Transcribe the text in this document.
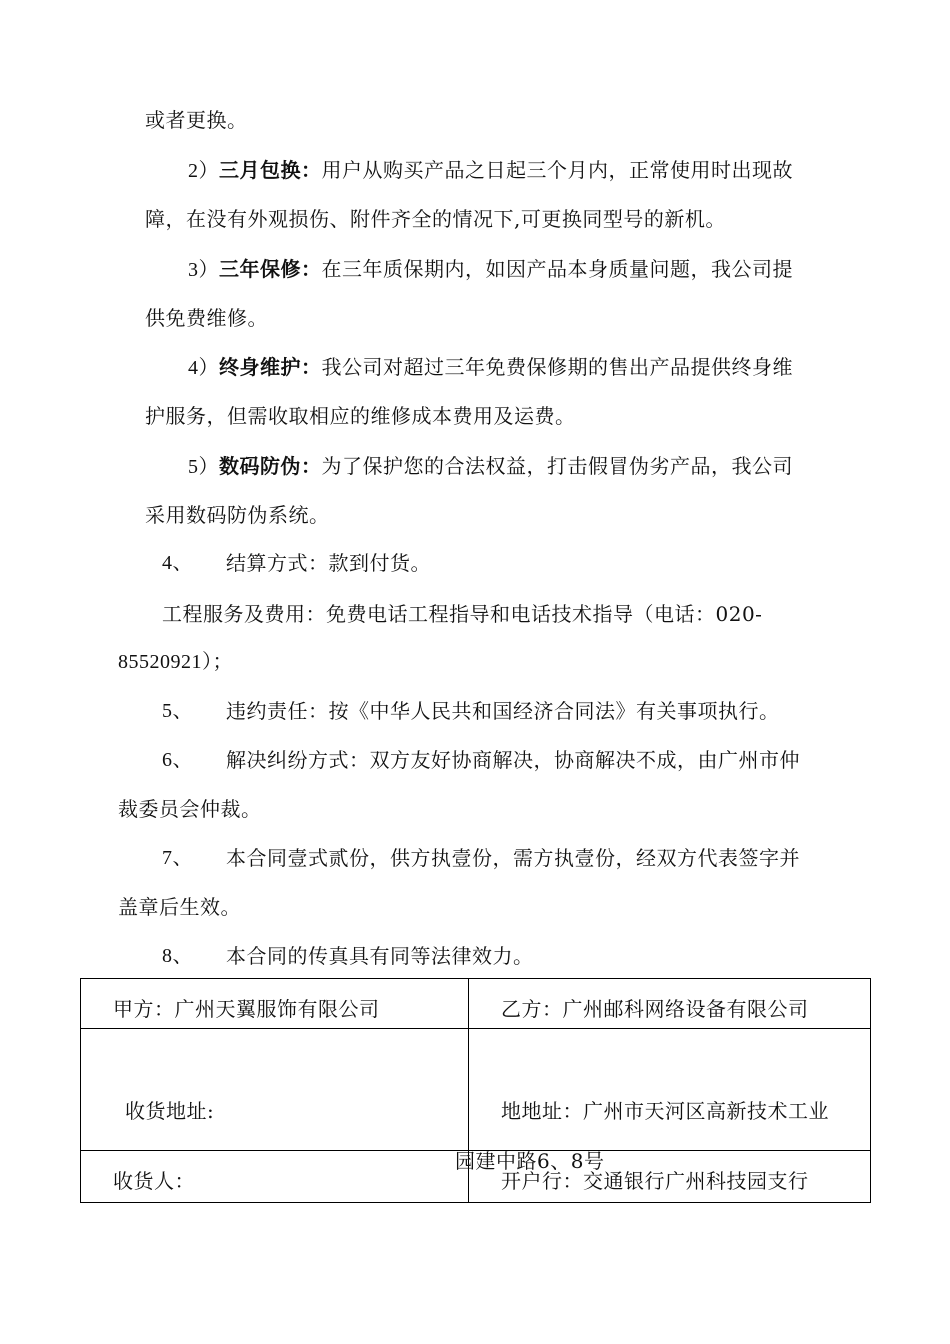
或者更换。
2）三月包换：用户从购买产品之日起三个月内，正常使用时出现故
障，在没有外观损伤、附件齐全的情况下,可更换同型号的新机。
3）三年保修：在三年质保期内，如因产品本身质量问题，我公司提
供免费维修。
4）终身维护：我公司对超过三年免费保修期的售出产品提供终身维
护服务，但需收取相应的维修成本费用及运费。
5）数码防伪：为了保护您的合法权益，打击假冒伪劣产品，我公司
采用数码防伪系统。
4、 结算方式：款到付货。
工程服务及费用：免费电话工程指导和电话技术指导（电话：020-
85520921）；
5、 违约责任：按《中华人民共和国经济合同法》有关事项执行。
6、 解决纠纷方式：双方友好协商解决，协商解决不成，由广州市仲
裁委员会仲裁。
7、 本合同壹式贰份，供方执壹份，需方执壹份，经双方代表签字并
盖章后生效。
8、 本合同的传真具有同等法律效力。
甲方：广州天翼服饰有限公司	乙方：广州邮科网络设备有限公司

收货地址:	地地址：广州市天河区高新技术工业
园建中路6、8号

收货人：	开户行：交通银行广州科技园支行
